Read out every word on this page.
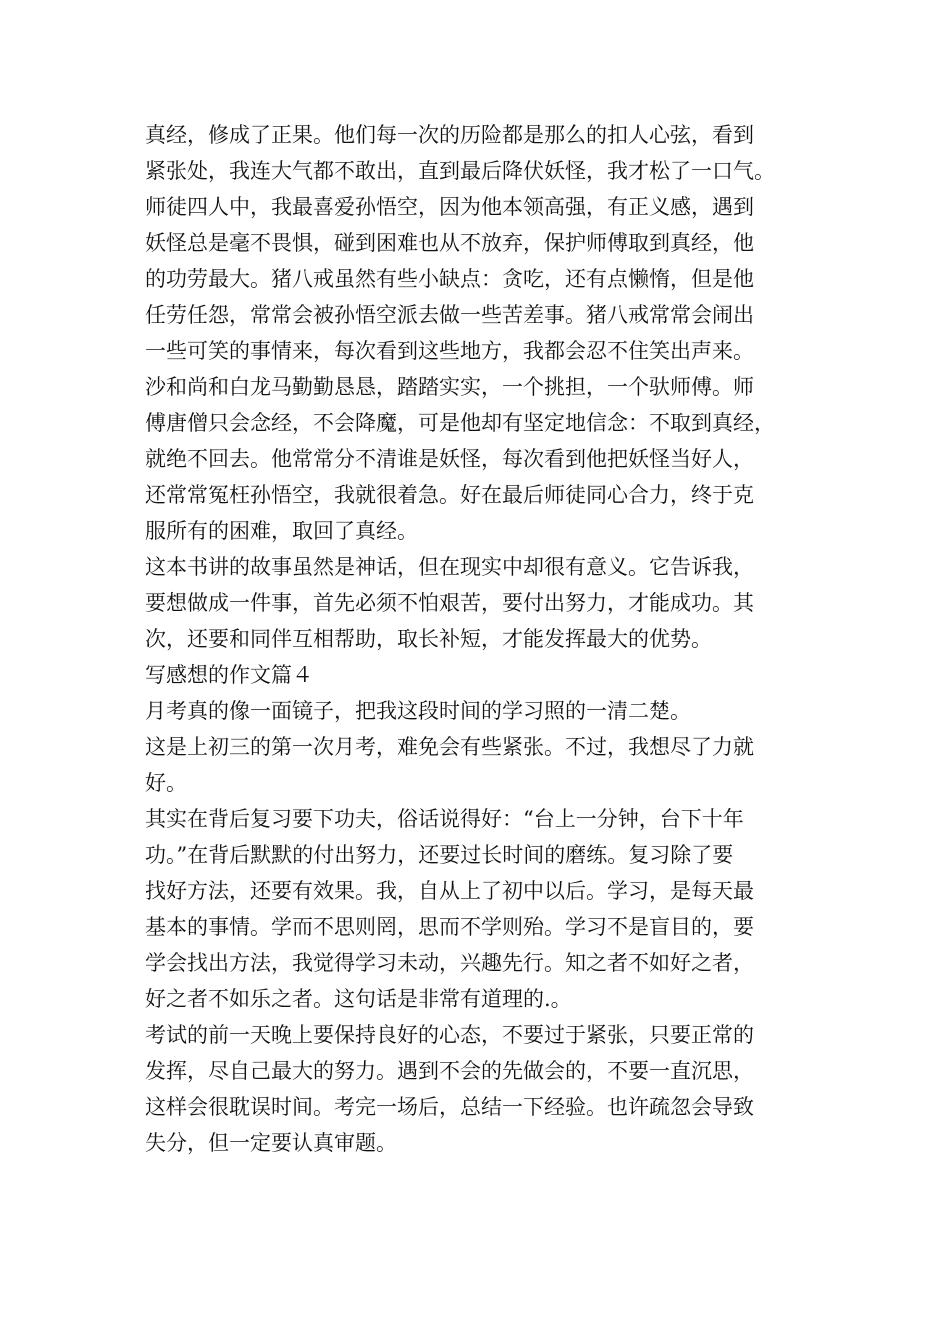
真经，修成了正果。他们每一次的历险都是那么的扣人心弦，看到
紧张处，我连大气都不敢出，直到最后降伏妖怪，我才松了一口气。
师徒四人中，我最喜爱孙悟空，因为他本领高强，有正义感，遇到
妖怪总是毫不畏惧，碰到困难也从不放弃，保护师傅取到真经，他
的功劳最大。猪八戒虽然有些小缺点：贪吃，还有点懒惰，但是他
任劳任怨，常常会被孙悟空派去做一些苦差事。猪八戒常常会闹出
一些可笑的事情来，每次看到这些地方，我都会忍不住笑出声来。
沙和尚和白龙马勤勤恳恳，踏踏实实，一个挑担，一个驮师傅。师
傅唐僧只会念经，不会降魔，可是他却有坚定地信念：不取到真经，
就绝不回去。他常常分不清谁是妖怪，每次看到他把妖怪当好人，
还常常冤枉孙悟空，我就很着急。好在最后师徒同心合力，终于克
服所有的困难，取回了真经。
这本书讲的故事虽然是神话，但在现实中却很有意义。它告诉我，
要想做成一件事，首先必须不怕艰苦，要付出努力，才能成功。其
次，还要和同伴互相帮助，取长补短，才能发挥最大的优势。
写感想的作文篇４
月考真的像一面镜子，把我这段时间的学习照的一清二楚。
这是上初三的第一次月考，难免会有些紧张。不过，我想尽了力就
好。
其实在背后复习要下功夫，俗话说得好：“台上一分钟，台下十年
功。”在背后默默的付出努力，还要过长时间的磨练。复习除了要
找好方法，还要有效果。我，自从上了初中以后。学习，是每天最
基本的事情。学而不思则罔，思而不学则殆。学习不是盲目的，要
学会找出方法，我觉得学习未动，兴趣先行。知之者不如好之者，
好之者不如乐之者。这句话是非常有道理的.。
考试的前一天晚上要保持良好的心态，不要过于紧张，只要正常的
发挥，尽自己最大的努力。遇到不会的先做会的，不要一直沉思，
这样会很耽误时间。考完一场后，总结一下经验。也许疏忽会导致
失分，但一定要认真审题。
